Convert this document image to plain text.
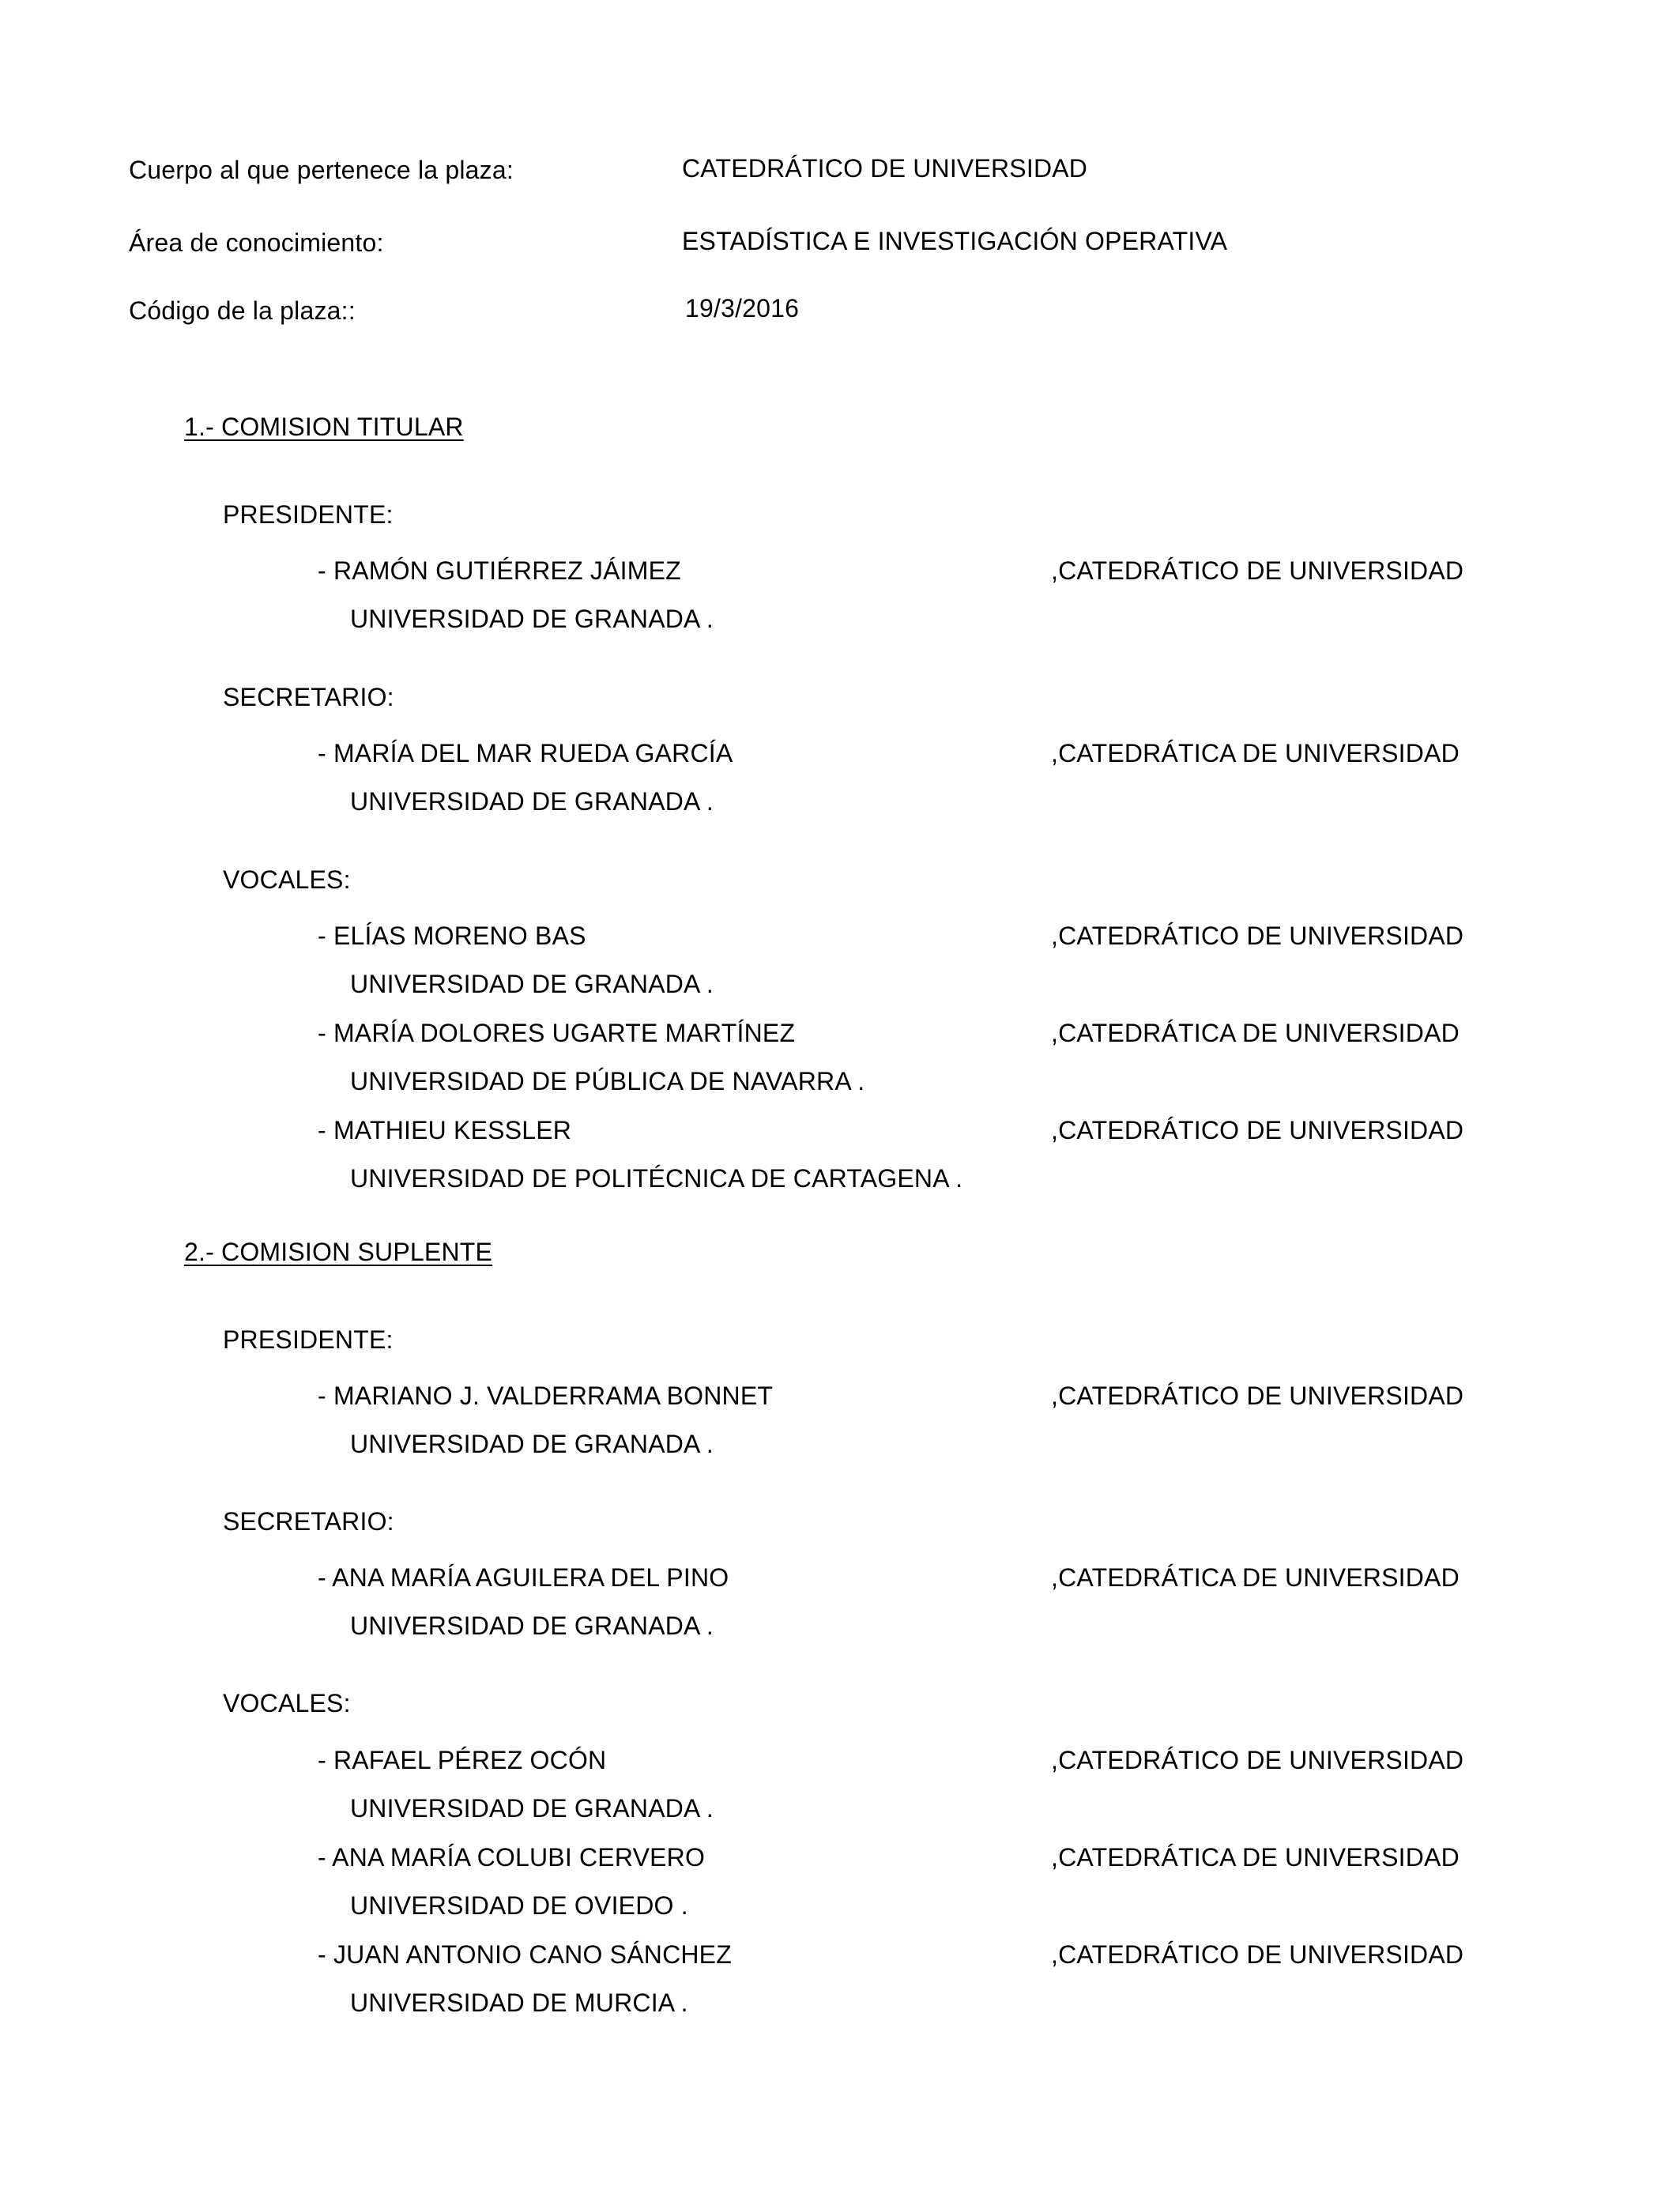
Cuerpo al que pertenece la plaza:	CATEDRÁTICO DE UNIVERSIDAD
Área de conocimiento:	ESTADÍSTICA E INVESTIGACIÓN OPERATIVA
Código de la plaza::	19/3/2016
1.- COMISION TITULAR
PRESIDENTE:
- RAMÓN GUTIÉRREZ JÁIMEZ	,CATEDRÁTICO DE UNIVERSIDAD
UNIVERSIDAD DE GRANADA .
SECRETARIO:
- MARÍA DEL MAR RUEDA GARCÍA	,CATEDRÁTICA DE UNIVERSIDAD
UNIVERSIDAD DE GRANADA .
VOCALES:
- ELÍAS MORENO BAS	,CATEDRÁTICO DE UNIVERSIDAD
UNIVERSIDAD DE GRANADA .
- MARÍA DOLORES UGARTE MARTÍNEZ	,CATEDRÁTICA DE UNIVERSIDAD
UNIVERSIDAD DE PÚBLICA DE NAVARRA .
- MATHIEU KESSLER	,CATEDRÁTICO DE UNIVERSIDAD
UNIVERSIDAD DE POLITÉCNICA DE CARTAGENA .
2.- COMISION SUPLENTE
PRESIDENTE:
- MARIANO J. VALDERRAMA BONNET	,CATEDRÁTICO DE UNIVERSIDAD
UNIVERSIDAD DE GRANADA .
SECRETARIO:
- ANA MARÍA AGUILERA DEL PINO	,CATEDRÁTICA DE UNIVERSIDAD
UNIVERSIDAD DE GRANADA .
VOCALES:
- RAFAEL PÉREZ OCÓN	,CATEDRÁTICO DE UNIVERSIDAD
UNIVERSIDAD DE GRANADA .
- ANA MARÍA COLUBI CERVERO	,CATEDRÁTICA DE UNIVERSIDAD
UNIVERSIDAD DE OVIEDO .
- JUAN ANTONIO CANO SÁNCHEZ	,CATEDRÁTICO DE UNIVERSIDAD
UNIVERSIDAD DE MURCIA .
